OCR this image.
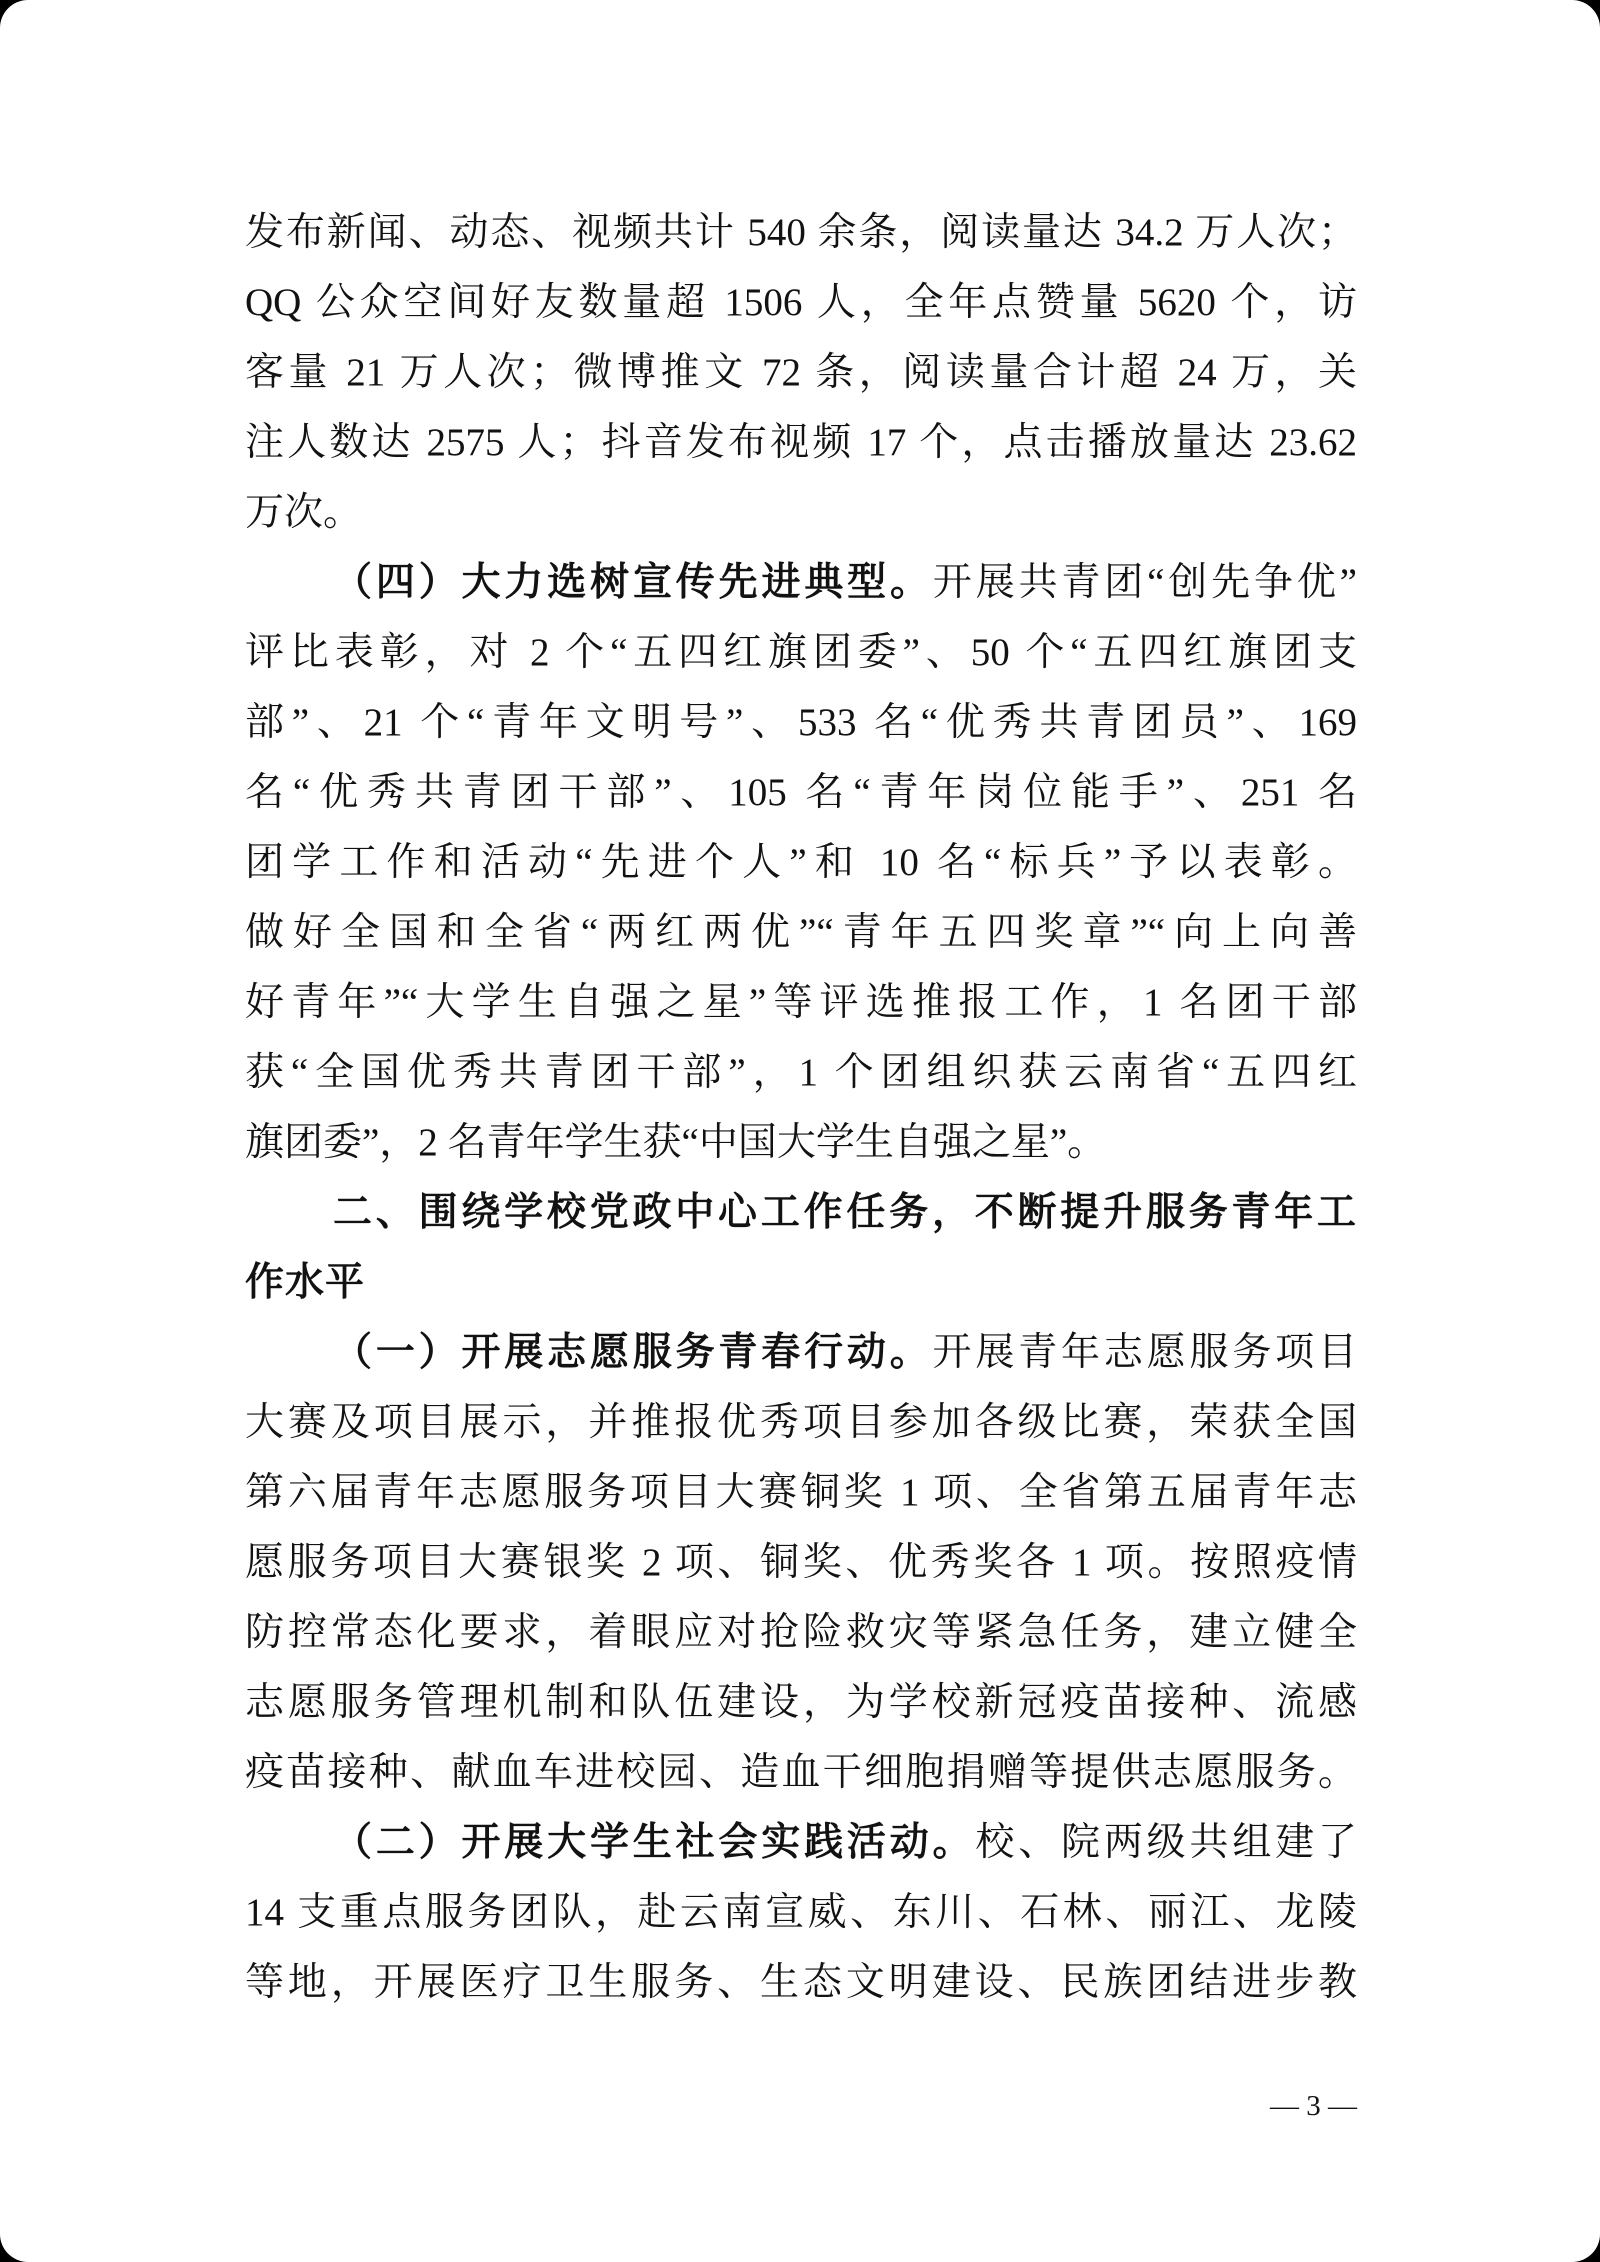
发布新闻、动态、视频共计 540 余条，阅读量达 34.2 万人次；
QQ 公众空间好友数量超 1506 人，全年点赞量 5620 个，访
客量 21 万人次；微博推文 72 条，阅读量合计超 24 万，关
注人数达 2575 人；抖音发布视频 17 个，点击播放量达 23.62
万次。
（四）大力选树宣传先进典型。开展共青团“创先争优”
评比表彰，对 2 个“五四红旗团委”、50 个“五四红旗团支
部”、21 个“青年文明号”、533 名“优秀共青团员”、169
名“优秀共青团干部”、105 名“青年岗位能手”、251 名
团学工作和活动“先进个人”和 10 名“标兵”予以表彰。
做好全国和全省“两红两优”“青年五四奖章”“向上向善
好青年”“大学生自强之星”等评选推报工作，1 名团干部
获“全国优秀共青团干部”，1 个团组织获云南省“五四红
旗团委”，2 名青年学生获“中国大学生自强之星”。
二、围绕学校党政中心工作任务，不断提升服务青年工
作水平
（一）开展志愿服务青春行动。开展青年志愿服务项目
大赛及项目展示，并推报优秀项目参加各级比赛，荣获全国
第六届青年志愿服务项目大赛铜奖 1 项、全省第五届青年志
愿服务项目大赛银奖 2 项、铜奖、优秀奖各 1 项。按照疫情
防控常态化要求，着眼应对抢险救灾等紧急任务，建立健全
志愿服务管理机制和队伍建设，为学校新冠疫苗接种、流感
疫苗接种、献血车进校园、造血干细胞捐赠等提供志愿服务。
（二）开展大学生社会实践活动。校、院两级共组建了
14 支重点服务团队，赴云南宣威、东川、石林、丽江、龙陵
等地，开展医疗卫生服务、生态文明建设、民族团结进步教
— 3 —
